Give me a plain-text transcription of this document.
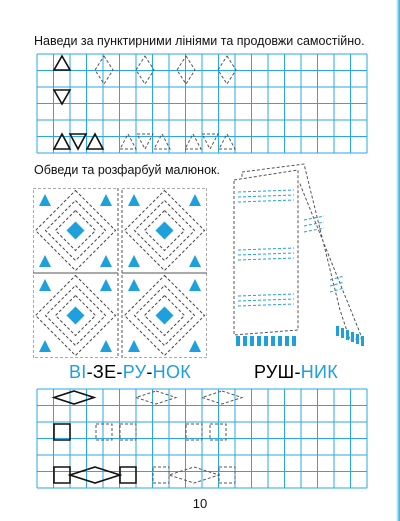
Наведи за пунктирними лініями та продовжи самостійно.

Обведи та розфарбуй малюнок.

ВІ-ЗЕ-РУ-НОК	РУШ-НИК
10
